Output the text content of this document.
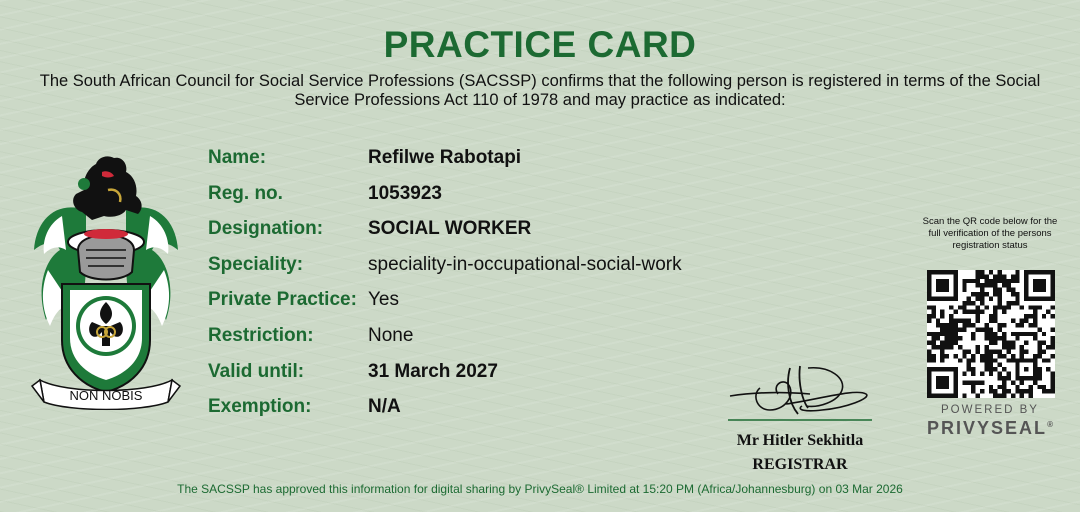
PRACTICE CARD
The South African Council for Social Service Professions (SACSSP) confirms that the following person is registered in terms of the Social Service Professions Act 110 of 1978 and may practice as indicated:
NON NOBIS
Name:	Refilwe Rabotapi
Reg. no.	1053923
Designation:	SOCIAL WORKER
Speciality:	speciality-in-occupational-social-work
Private Practice: Yes
Restriction:	None
Valid until:	31 March 2027
Exemption:	N/A
Mr Hitler Sekhitla
REGISTRAR
Scan the QR code below for the full verification of the persons registration status
POWERED BY
PRIVYSEAL®
The SACSSP has approved this information for digital sharing by PrivySeal® Limited at 15:20 PM (Africa/Johannesburg) on 03 Mar 2026
